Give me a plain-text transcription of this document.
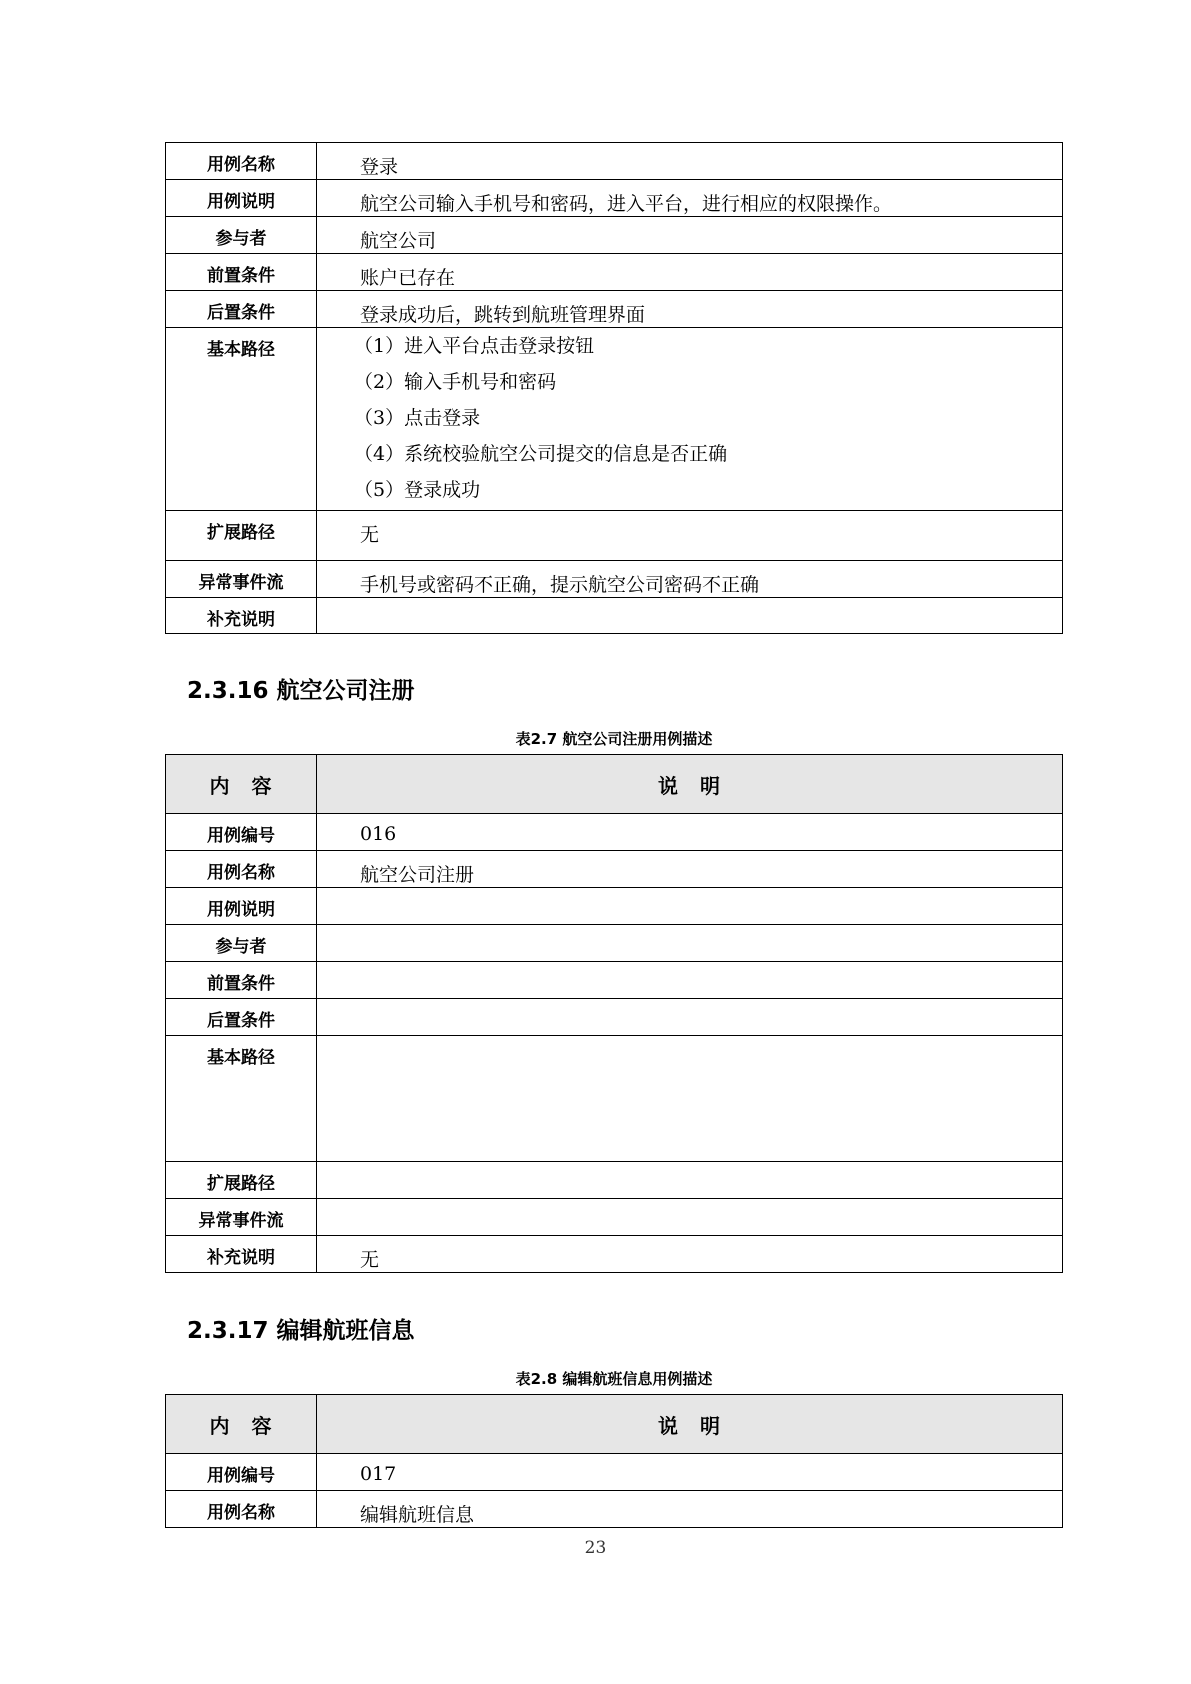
用例名称	登录
用例说明	航空公司输入手机号和密码，进入平台，进行相应的权限操作。
参与者	航空公司
前置条件	账户已存在
后置条件	登录成功后，跳转到航班管理界面
基本路径	（1）进入平台点击登录按钮
（2）输入手机号和密码
（3）点击登录
（4）系统校验航空公司提交的信息是否正确
（5）登录成功

扩展路径	无
异常事件流	手机号或密码不正确，提示航空公司密码不正确
补充说明	
2.3.16 航空公司注册
表2.7 航空公司注册用例描述
内　容	说　明
用例编号	016
用例名称	航空公司注册
用例说明	
参与者	
前置条件	
后置条件	
基本路径	
扩展路径	
异常事件流	
补充说明	无
2.3.17 编辑航班信息
表2.8 编辑航班信息用例描述
内　容	说　明
用例编号	017
用例名称	编辑航班信息
23
